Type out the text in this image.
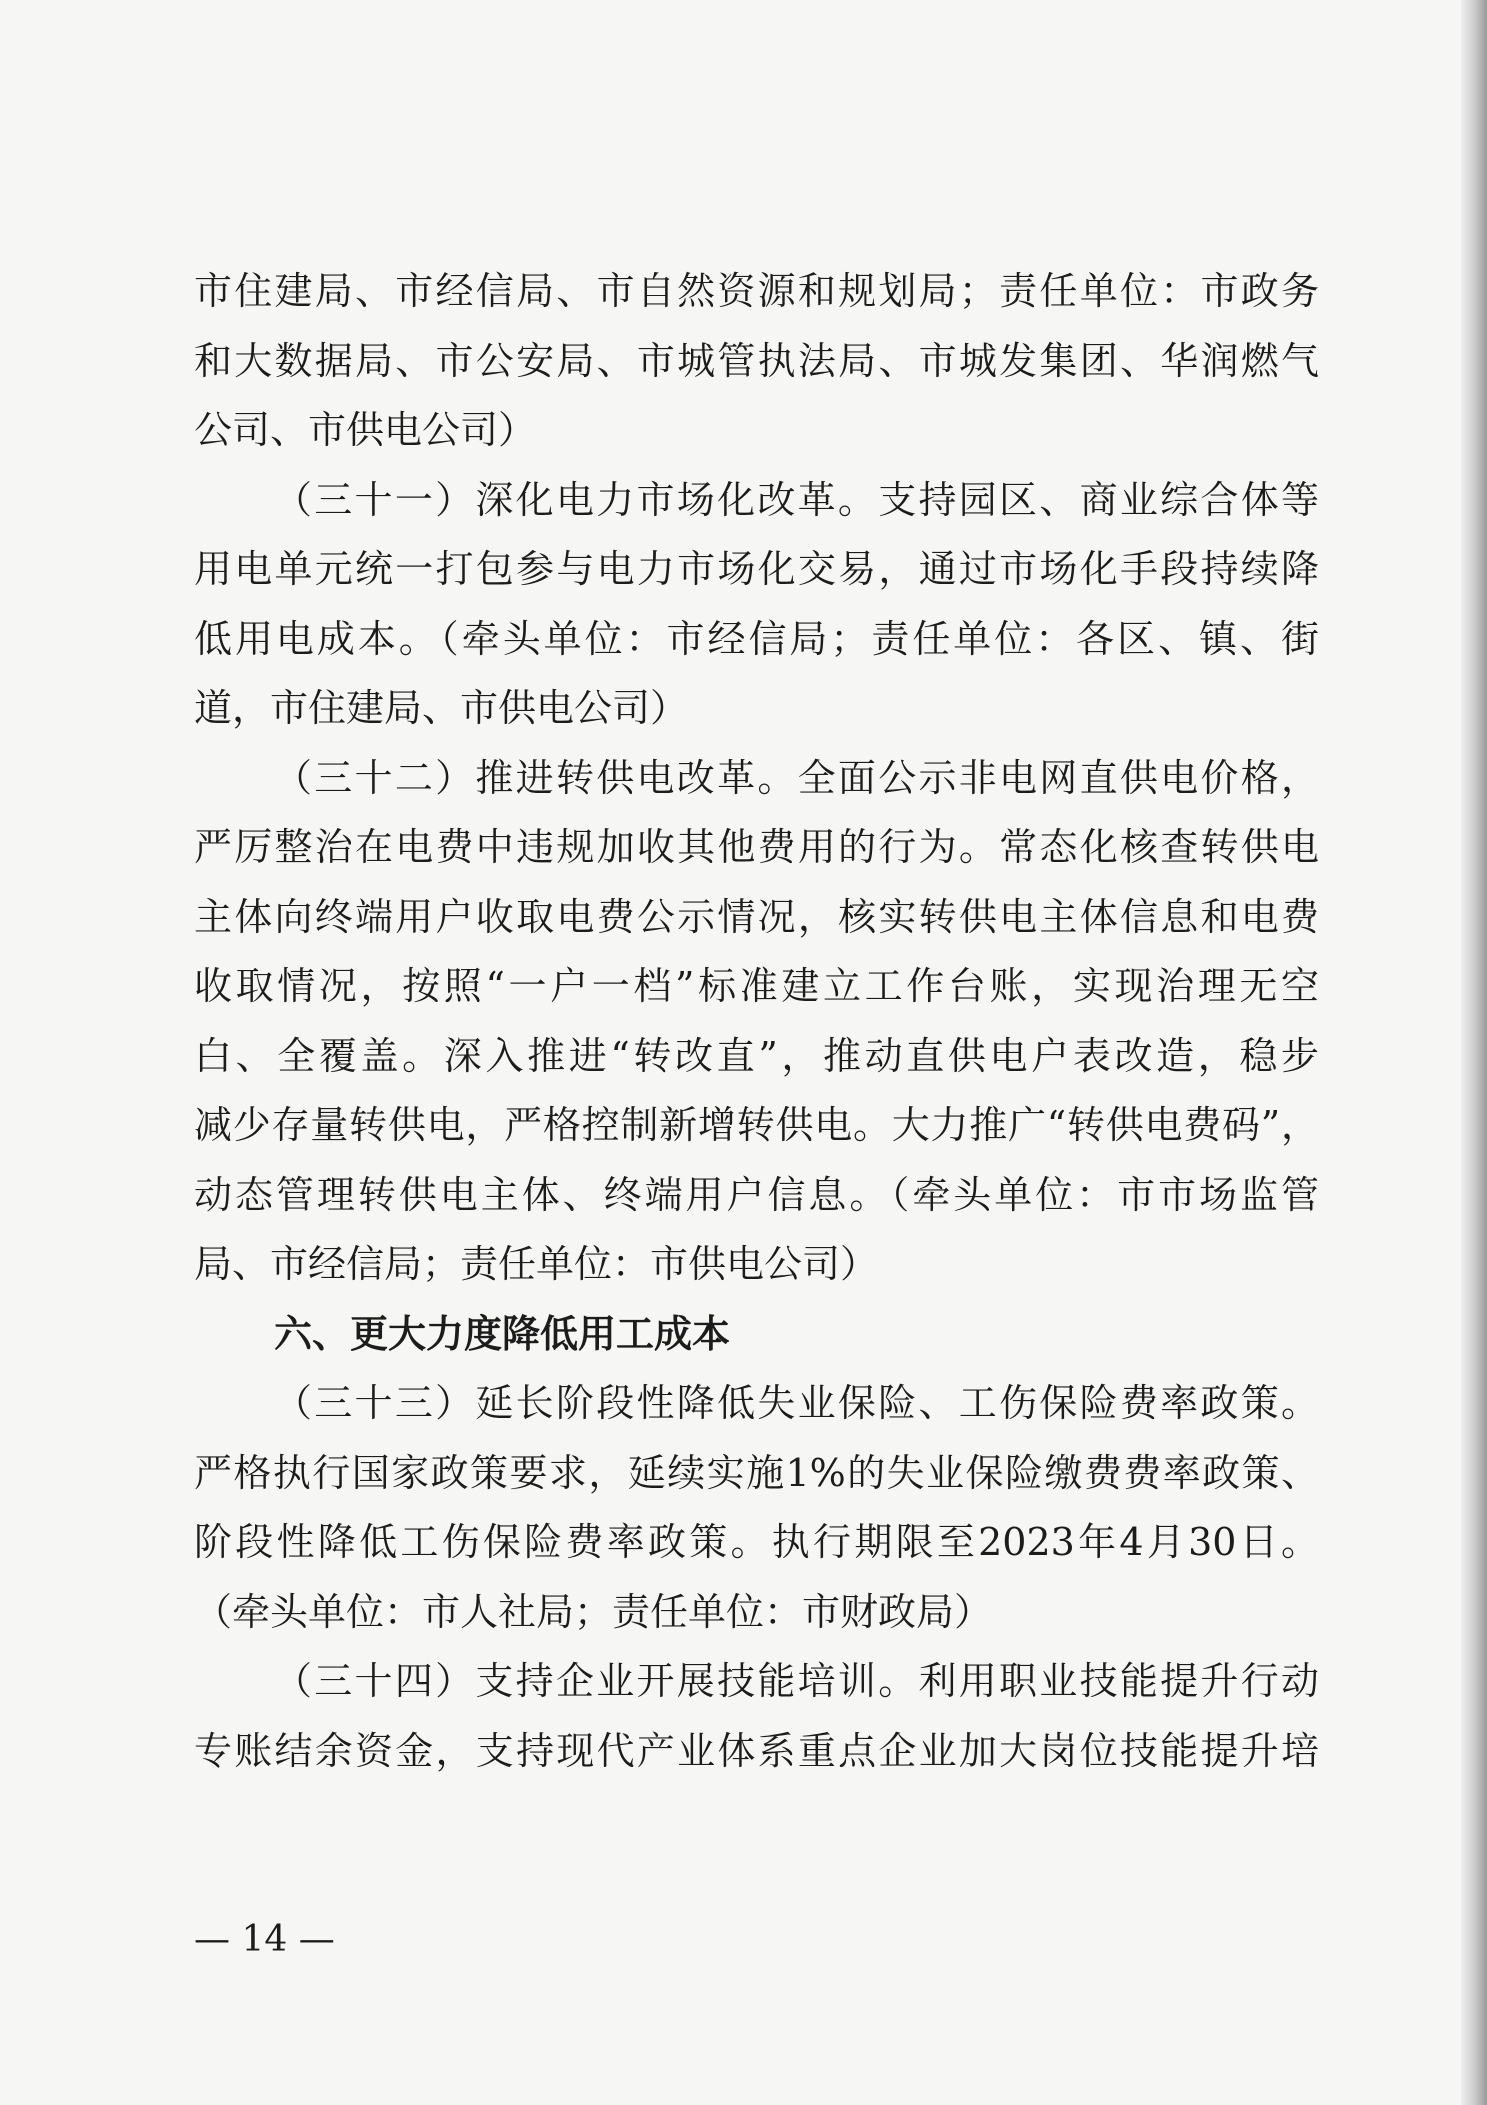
市住建局、市经信局、市自然资源和规划局；责任单位：市政务
和大数据局、市公安局、市城管执法局、市城发集团、华润燃气
公司、市供电公司）
（三十一）深化电力市场化改革。支持园区、商业综合体等
用电单元统一打包参与电力市场化交易，通过市场化手段持续降
低用电成本。（牵头单位：市经信局；责任单位：各区、镇、街
道，市住建局、市供电公司）
（三十二）推进转供电改革。全面公示非电网直供电价格，
严厉整治在电费中违规加收其他费用的行为。常态化核查转供电
主体向终端用户收取电费公示情况，核实转供电主体信息和电费
收取情况，按照“一户一档”标准建立工作台账，实现治理无空
白、全覆盖。深入推进“转改直”，推动直供电户表改造，稳步
减少存量转供电，严格控制新增转供电。大力推广“转供电费码”，
动态管理转供电主体、终端用户信息。（牵头单位：市市场监管
局、市经信局；责任单位：市供电公司）
六、更大力度降低用工成本
（三十三）延长阶段性降低失业保险、工伤保险费率政策。
严格执行国家政策要求，延续实施1%的失业保险缴费费率政策、
阶段性降低工伤保险费率政策。执行期限至2023年4月30日。
（牵头单位：市人社局；责任单位：市财政局）
（三十四）支持企业开展技能培训。利用职业技能提升行动
专账结余资金，支持现代产业体系重点企业加大岗位技能提升培
— 14 —
